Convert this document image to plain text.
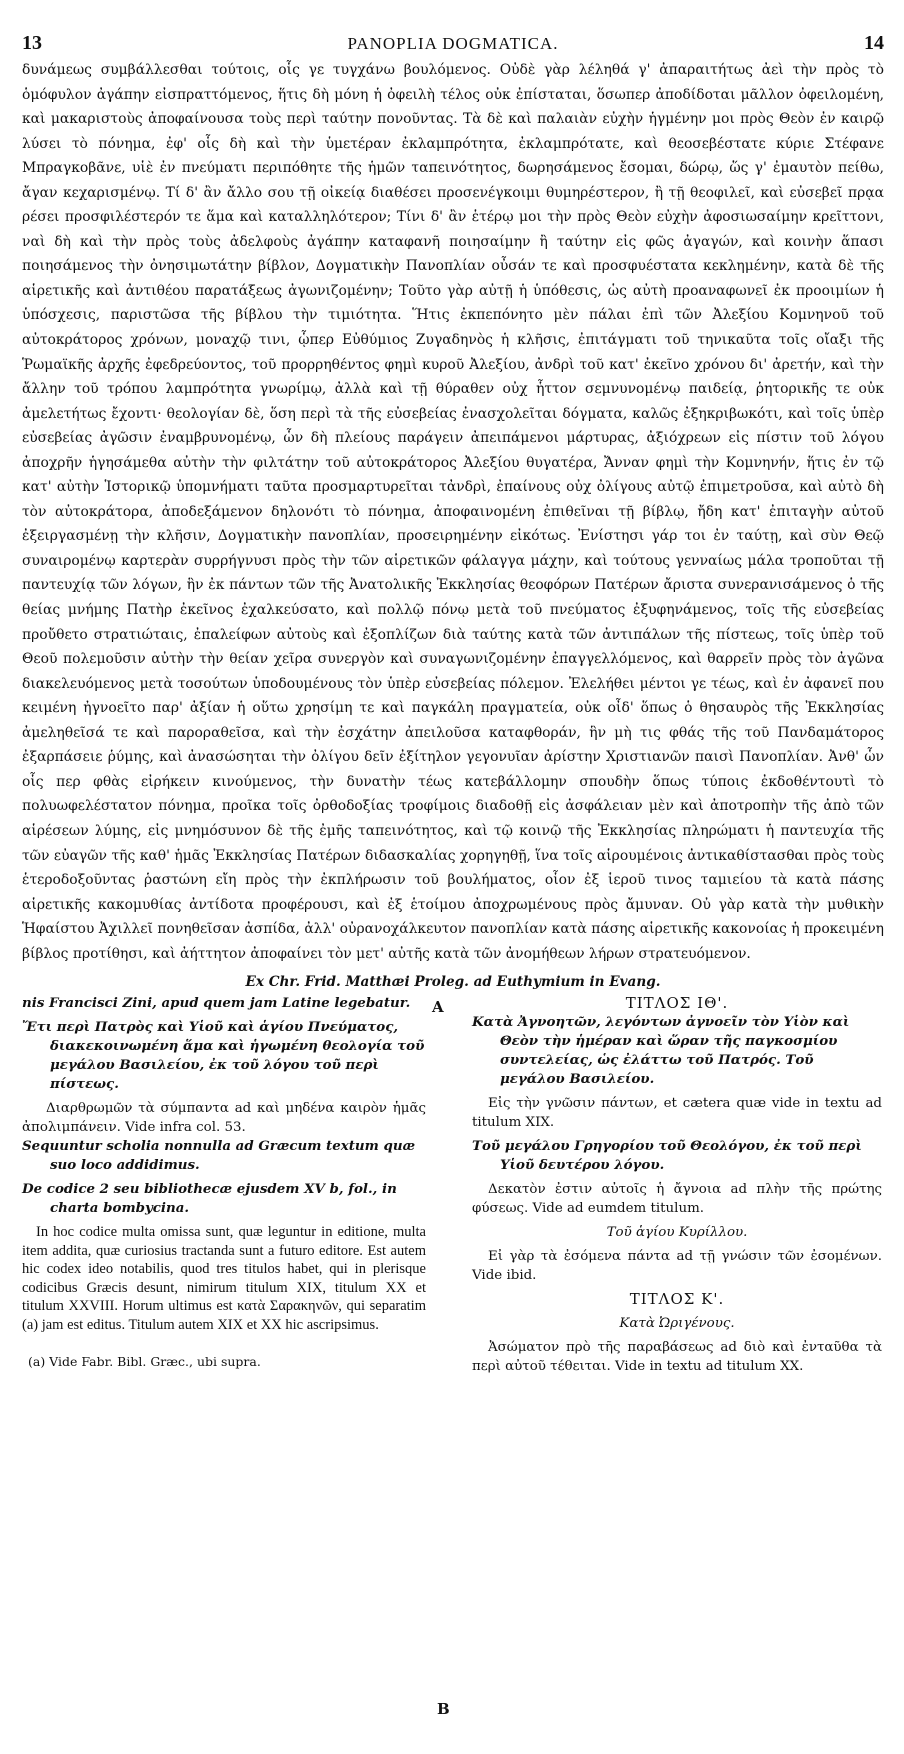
13	PANOPLIA DOGMATICA.	14

δυνάμεως συμβάλλεσθαι τούτοις, οἷς γε τυγχάνω βουλόμενος. Οὐδὲ γὰρ λέληθά γ' ἀπαραιτήτως ἀεὶ τὴν πρὸς τὸ ὁμόφυλον ἀγάπην εἰσπραττόμενος, ἥτις δὴ μόνη ἡ ὀφειλὴ τέλος οὐκ ἐπίσταται, ὅσωπερ ἀποδίδοται μᾶλλον ὀφειλομένη, καὶ μακαριστοὺς ἀποφαίνουσα τοὺς περὶ ταύτην πονοῦντας. Τὰ δὲ καὶ παλαιὰν εὐχὴν ἡγμένην μοι πρὸς Θεὸν ἐν καιρῷ λύσει τὸ πόνημα, ἐφ' οἷς δὴ καὶ τὴν ὑμετέραν ἐκλαμπρότητα, ἐκλαμπρότατε, καὶ θεοσεβέστατε κύριε Στέφανε Μπραγκοβᾶνε, υἱὲ ἐν πνεύματι περιπόθητε τῆς ἡμῶν ταπεινότητος, δωρησάμενος ἔσομαι, δώρῳ, ὥς γ' ἐμαυτὸν πείθω, ἄγαν κεχαρισμένῳ. Τί δ' ἂν ἄλλο σου τῇ οἰκείᾳ διαθέσει προσενέγκοιμι θυμηρέστερον, ἢ τῇ θεοφιλεῖ, καὶ εὐσεβεῖ πρᾳα ρέσει προσφιλέστερόν τε ἅμα καὶ καταλληλότερον; Τίνι δ' ἂν ἑτέρῳ μοι τὴν πρὸς Θεὸν εὐχὴν ἀφοσιωσαίμην κρεῖττονι, ναὶ δὴ καὶ τὴν πρὸς τοὺς ἀδελφοὺς ἀγάπην καταφανῆ ποιησαίμην ἢ ταύτην εἰς φῶς ἀγαγών, καὶ κοινὴν ἅπασι ποιησάμενος τὴν ὀνησιμωτάτην βίβλον, Δογματικὴν Πανοπλίαν οὖσάν τε καὶ προσφυέστατα κεκλημένην, κατὰ δὲ τῆς αἱρετικῆς καὶ ἀντιθέου παρατάξεως ἀγωνιζομένην; Τοῦτο γὰρ αὐτῇ ἡ ὑπόθεσις, ὡς αὐτὴ προαναφωνεῖ ἐκ προοιμίων ἡ ὑπόσχεσις, παριστῶσα τῆς βίβλου τὴν τιμιότητα. Ἥτις ἐκπεπόνητο μὲν πάλαι ἐπὶ τῶν Ἀλεξίου Κομνηνοῦ τοῦ αὐτοκράτορος χρόνων, μοναχῷ τινι, ᾧπερ Εὐθύμιος Ζυγαδηνὸς ἡ κλῆσις, ἐπιτάγματι τοῦ τηνικαῦτα τοῖς οἴαξι τῆς Ῥωμαϊκῆς ἀρχῆς ἐφεδρεύοντος, τοῦ προρρηθέντος φημὶ κυροῦ Ἀλεξίου, ἀνδρὶ τοῦ κατ' ἐκεῖνο χρόνου δι' ἀρετήν, καὶ τὴν ἄλλην τοῦ τρόπου λαμπρότητα γνωρίμῳ, ἀλλὰ καὶ τῇ θύραθεν οὐχ ἧττον σεμνυνομένῳ παιδείᾳ, ῥητορικῆς τε οὐκ ἀμελετήτως ἔχοντι· θεολογίαν δὲ, ὅση περὶ τὰ τῆς εὐσεβείας ἐνασχολεῖται δόγματα, καλῶς ἐξηκριβωκότι, καὶ τοῖς ὑπὲρ εὐσεβείας ἀγῶσιν ἐναμβρυνομένῳ, ὧν δὴ πλείους παράγειν ἀπειπάμενοι μάρτυρας, ἀξιόχρεων εἰς πίστιν τοῦ λόγου ἀποχρῆν ἡγησάμεθα αὐτὴν τὴν φιλτάτην τοῦ αὐτοκράτορος Ἀλεξίου θυγατέρα, Ἄνναν φημὶ τὴν Κομνηνήν, ἥτις ἐν τῷ κατ' αὐτὴν Ἱστορικῷ ὑπομνήματι ταῦτα προσμαρτυρεῖται τἀνδρὶ, ἐπαίνους οὐχ ὀλίγους αὐτῷ ἐπιμετροῦσα, καὶ αὐτὸ δὴ τὸν αὐτοκράτορα, ἀποδεξάμενον δηλονότι τὸ πόνημα, ἀποφαινομένη ἐπιθεῖναι τῇ βίβλῳ, ἤδη κατ' ἐπιταγὴν αὐτοῦ ἐξειργασμένῃ τὴν κλῆσιν, Δογματικὴν πανοπλίαν, προσειρημένην εἰκότως. Ἐνίστησι γάρ τοι ἐν ταύτῃ, καὶ σὺν Θεῷ συναιρομένῳ καρτερὰν συρρήγνυσι πρὸς τὴν τῶν αἱρετικῶν φάλαγγα μάχην, καὶ τούτους γενναίως μάλα τροποῦται τῇ παντευχίᾳ τῶν λόγων, ἣν ἐκ πάντων τῶν τῆς Ἀνατολικῆς Ἐκκλησίας θεοφόρων Πατέρων ἄριστα συνερανισάμενος ὁ τῆς θείας μνήμης Πατὴρ ἐκεῖνος ἐχαλκεύσατο, καὶ πολλῷ πόνῳ μετὰ τοῦ πνεύματος ἐξυφηνάμενος, τοῖς τῆς εὐσεβείας προὔθετο στρατιώταις, ἐπαλείφων αὐτοὺς καὶ ἐξοπλίζων διὰ ταύτης κατὰ τῶν ἀντιπάλων τῆς πίστεως, τοῖς ὑπὲρ τοῦ Θεοῦ πολεμοῦσιν αὐτὴν τὴν θείαν χεῖρα συνεργὸν καὶ συναγωνιζομένην ἐπαγγελλόμενος, καὶ θαρρεῖν πρὸς τὸν ἀγῶνα διακελευόμενος μετὰ τοσούτων ὑποδουμένους τὸν ὑπὲρ εὐσεβείας πόλεμον. Ἐλελήθει μέντοι γε τέως, καὶ ἐν ἀφανεῖ που κειμένη ἠγνοεῖτο παρ' ἀξίαν ἡ οὕτω χρησίμη τε καὶ παγκάλη πραγματεία, οὐκ οἶδ' ὅπως ὁ θησαυρὸς τῆς Ἐκκλησίας ἀμεληθεῖσά τε καὶ παροραθεῖσα, καὶ τὴν ἐσχάτην ἀπειλοῦσα καταφθοράν, ἣν μὴ τις φθάς τῆς τοῦ Πανδαμάτορος ἐξαρπάσειε ῥύμης, καὶ ἀνασώσηται τὴν ὀλίγου δεῖν ἐξίτηλον γεγονυῖαν ἀρίστην Χριστιανῶν παισὶ Πανοπλίαν. Ἀνθ' ὧν οἷς περ φθὰς εἰρήκειν κινούμενος, τὴν δυνατὴν τέως κατεβάλλομην σπουδὴν ὅπως τύποις ἐκδοθέντουτὶ τὸ πολυωφελέστατον πόνημα, προῖκα τοῖς ὀρθοδοξίας τροφίμοις διαδοθῇ εἰς ἀσφάλειαν μὲν καὶ ἀποτροπὴν τῆς ἀπὸ τῶν αἱρέσεων λύμης, εἰς μνημόσυνον δὲ τῆς ἐμῆς ταπεινότητος, καὶ τῷ κοινῷ τῆς Ἐκκλησίας πληρώματι ἡ παντευχία τῆς τῶν εὐαγῶν τῆς καθ' ἡμᾶς Ἐκκλησίας Πατέρων διδασκαλίας χορηγηθῇ, ἵνα τοῖς αἱρουμένοις ἀντικαθίστασθαι πρὸς τοὺς ἑτεροδοξοῦντας ῥαστώνη εἴη πρὸς τὴν ἐκπλήρωσιν τοῦ βουλήματος, οἷον ἐξ ἱεροῦ τινος ταμιείου τὰ κατὰ πάσης αἱρετικῆς κακομυθίας ἀντίδοτα προφέρουσι, καὶ ἐξ ἑτοίμου ἀποχρωμένους πρὸς ἄμυναν. Οὐ γὰρ κατὰ τὴν μυθικὴν Ἡφαίστου Ἀχιλλεῖ πονηθεῖσαν ἀσπίδα, ἀλλ' οὐρανοχάλκευτον πανοπλίαν κατὰ πάσης αἱρετικῆς κακονοίας ἡ προκειμένη βίβλος προτίθησι, καὶ ἀήττητον ἀποφαίνει τὸν μετ' αὐτῆς κατὰ τῶν ἀνομήθεων λήρων στρατευόμενον.

Ex Chr. Frid. Matthæi Proleg. ad Euthymium in Evang.
A
B

nis Francisci Zini, apud quem jam Latine legebatur.

Ἔτι περὶ Πατρὸς καὶ Υἱοῦ καὶ ἁγίου Πνεύματος, διακεκοινωμένη ἅμα καὶ ἡγωμένη θεολογία τοῦ μεγάλου Βασιλείου, ἐκ τοῦ λόγου τοῦ περὶ πίστεως.

Διαρθρωμῶν τὰ σύμπαντα ad καὶ μηδένα καιρὸν ἡμᾶς ἀπολιμπάνειν. Vide infra col. 53.

Sequuntur scholia nonnulla ad Græcum textum quæ suo loco addidimus.

De codice 2 seu bibliothecæ ejusdem XV b, fol., in charta bombycina.

In hoc codice multa omissa sunt, quæ leguntur in editione, multa item addita, quæ curiosius tractanda sunt a futuro editore. Est autem hic codex ideo notabilis, quod tres titulos habet, qui in plerisque codicibus Græcis desunt, nimirum titulum XIX, titulum XX et titulum XXVIII. Horum ultimus est κατὰ Σαρακηνῶν, qui separatim (a) jam est editus. Titulum autem XIX et XX hic ascripsimus.

(a) Vide Fabr. Bibl. Græc., ubi supra.

ΤΙΤΛΟΣ ΙΘ'.

Κατὰ Ἀγνοητῶν, λεγόντων ἀγνοεῖν τὸν Υἱὸν καὶ Θεὸν τὴν ἡμέραν καὶ ὥραν τῆς παγκοσμίου συντελείας, ὡς ἐλάττω τοῦ Πατρός. Τοῦ μεγάλου Βασιλείου.

Εἰς τὴν γνῶσιν πάντων, et cætera quæ vide in textu ad titulum XIX.

Τοῦ μεγάλου Γρηγορίου τοῦ Θεολόγου, ἐκ τοῦ περὶ Υἱοῦ δευτέρου λόγου.

Δεκατὸν ἐστιν αὐτοῖς ἡ ἄγνοια ad πλὴν τῆς πρώτης φύσεως. Vide ad eumdem titulum.

Τοῦ ἁγίου Κυρίλλου.

Εἰ γὰρ τὰ ἐσόμενα πάντα ad τῇ γνώσιν τῶν ἐσομένων. Vide ibid.

ΤΙΤΛΟΣ Κ'.

Κατὰ Ὠριγένους.

Ἀσώματον πρὸ τῆς παραβάσεως ad διὸ καὶ ἐνταῦθα τὰ περὶ αὐτοῦ τέθειται. Vide in textu ad titulum XX.
